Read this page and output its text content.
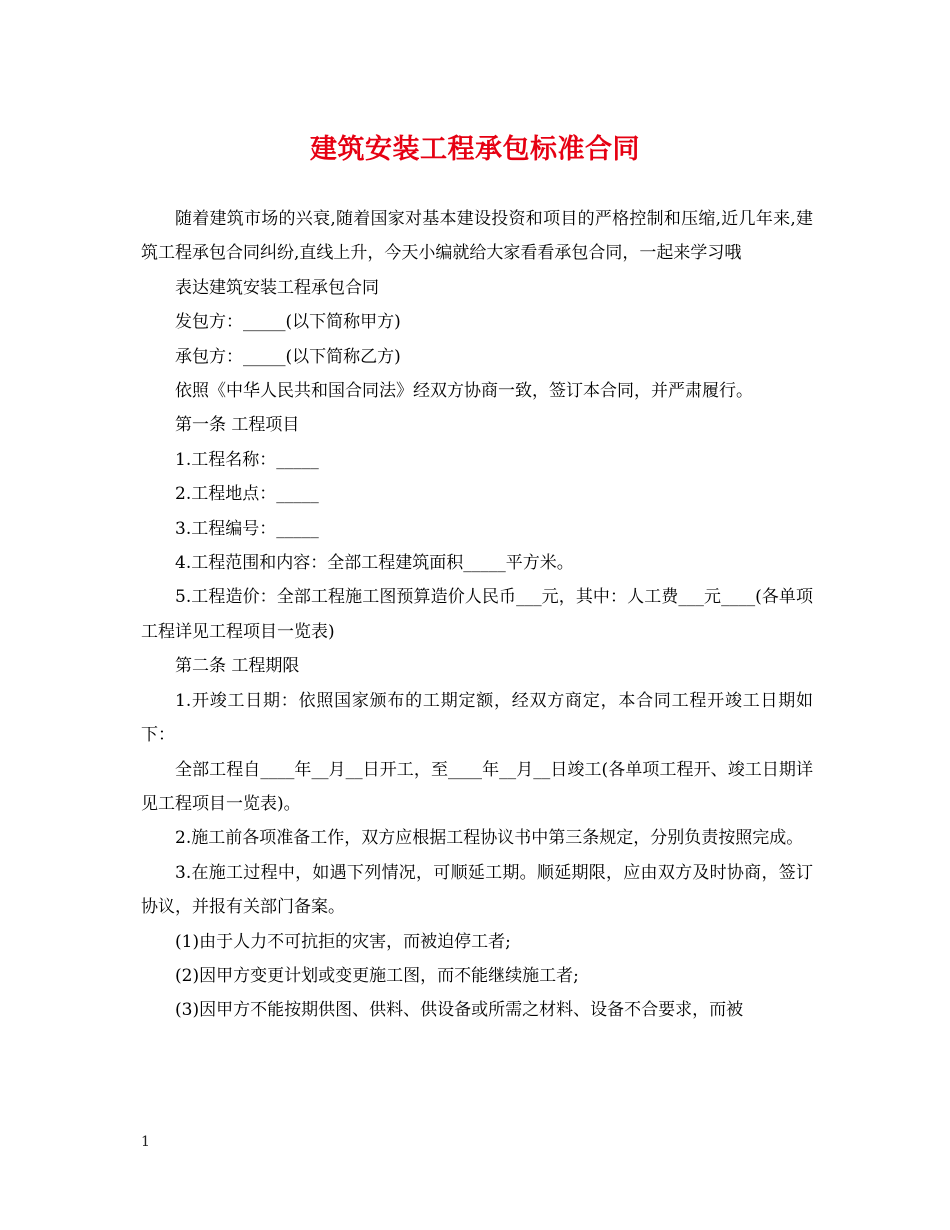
建筑安装工程承包标准合同

随着建筑市场的兴衰,随着国家对基本建设投资和项目的严格控制和压缩,近几年来,建筑工程承包合同纠纷,直线上升，今天小编就给大家看看承包合同，一起来学习哦

表达建筑安装工程承包合同

发包方：_____(以下简称甲方)

承包方：_____(以下简称乙方)

依照《中华人民共和国合同法》经双方协商一致，签订本合同，并严肃履行。

第一条 工程项目

1.工程名称：_____

2.工程地点：_____

3.工程编号：_____

4.工程范围和内容：全部工程建筑面积_____平方米。

5.工程造价：全部工程施工图预算造价人民币___元，其中：人工费___元____(各单项工程详见工程项目一览表)

第二条 工程期限

1.开竣工日期：依照国家颁布的工期定额，经双方商定，本合同工程开竣工日期如下：

全部工程自____年__月__日开工，至____年__月__日竣工(各单项工程开、竣工日期详见工程项目一览表)。

2.施工前各项准备工作，双方应根据工程协议书中第三条规定，分别负责按照完成。

3.在施工过程中，如遇下列情况，可顺延工期。顺延期限，应由双方及时协商，签订协议，并报有关部门备案。

(1)由于人力不可抗拒的灾害，而被迫停工者;

(2)因甲方变更计划或变更施工图，而不能继续施工者;

(3)因甲方不能按期供图、供料、供设备或所需之材料、设备不合要求，而被

1
